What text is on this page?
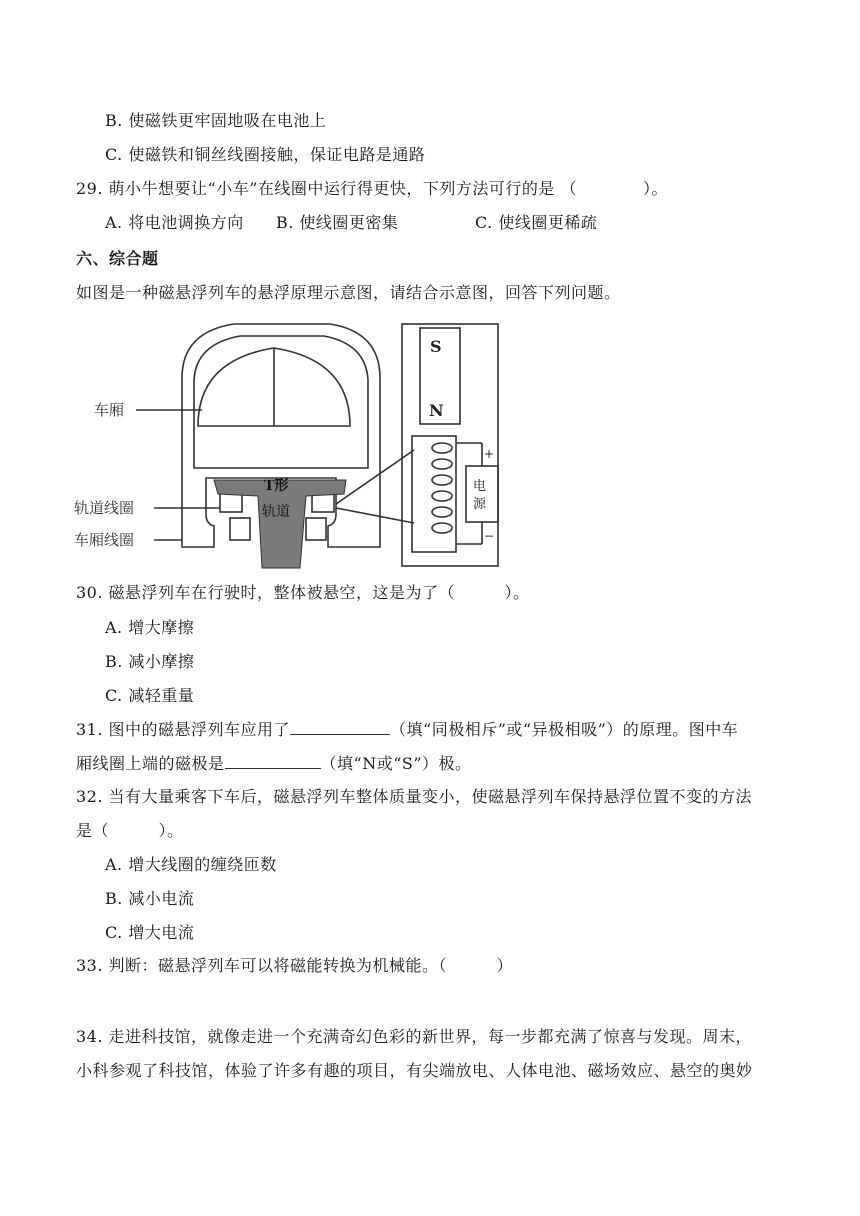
B. 使磁铁更牢固地吸在电池上
C. 使磁铁和铜丝线圈接触，保证电路是通路
29. 萌小牛想要让“小车”在线圈中运行得更快，下列方法可行的是 （　　　　）。
A. 将电池调换方向 B. 使线圈更密集	C. 使线圈更稀疏
六、综合题
如图是一种磁悬浮列车的悬浮原理示意图，请结合示意图，回答下列问题。
车厢
轨道线圈
车厢线圈
T形
轨道
S
N
电
源
+
−
30. 磁悬浮列车在行驶时，整体被悬空，这是为了（　　　）。
A. 增大摩擦
B. 减小摩擦
C. 减轻重量
31. 图中的磁悬浮列车应用了	（填“同极相斥”或“异极相吸”）的原理。图中车
厢线圈上端的磁极是	（填“N或“S”）极。
32. 当有大量乘客下车后，磁悬浮列车整体质量变小，使磁悬浮列车保持悬浮位置不变的方法
是（　　　）。
A. 增大线圈的缠绕匝数
B. 减小电流
C. 增大电流
33. 判断：磁悬浮列车可以将磁能转换为机械能。（　　　）
34. 走进科技馆，就像走进一个充满奇幻色彩的新世界，每一步都充满了惊喜与发现。周末，
小科参观了科技馆，体验了许多有趣的项目，有尖端放电、人体电池、磁场效应、悬空的奥妙
